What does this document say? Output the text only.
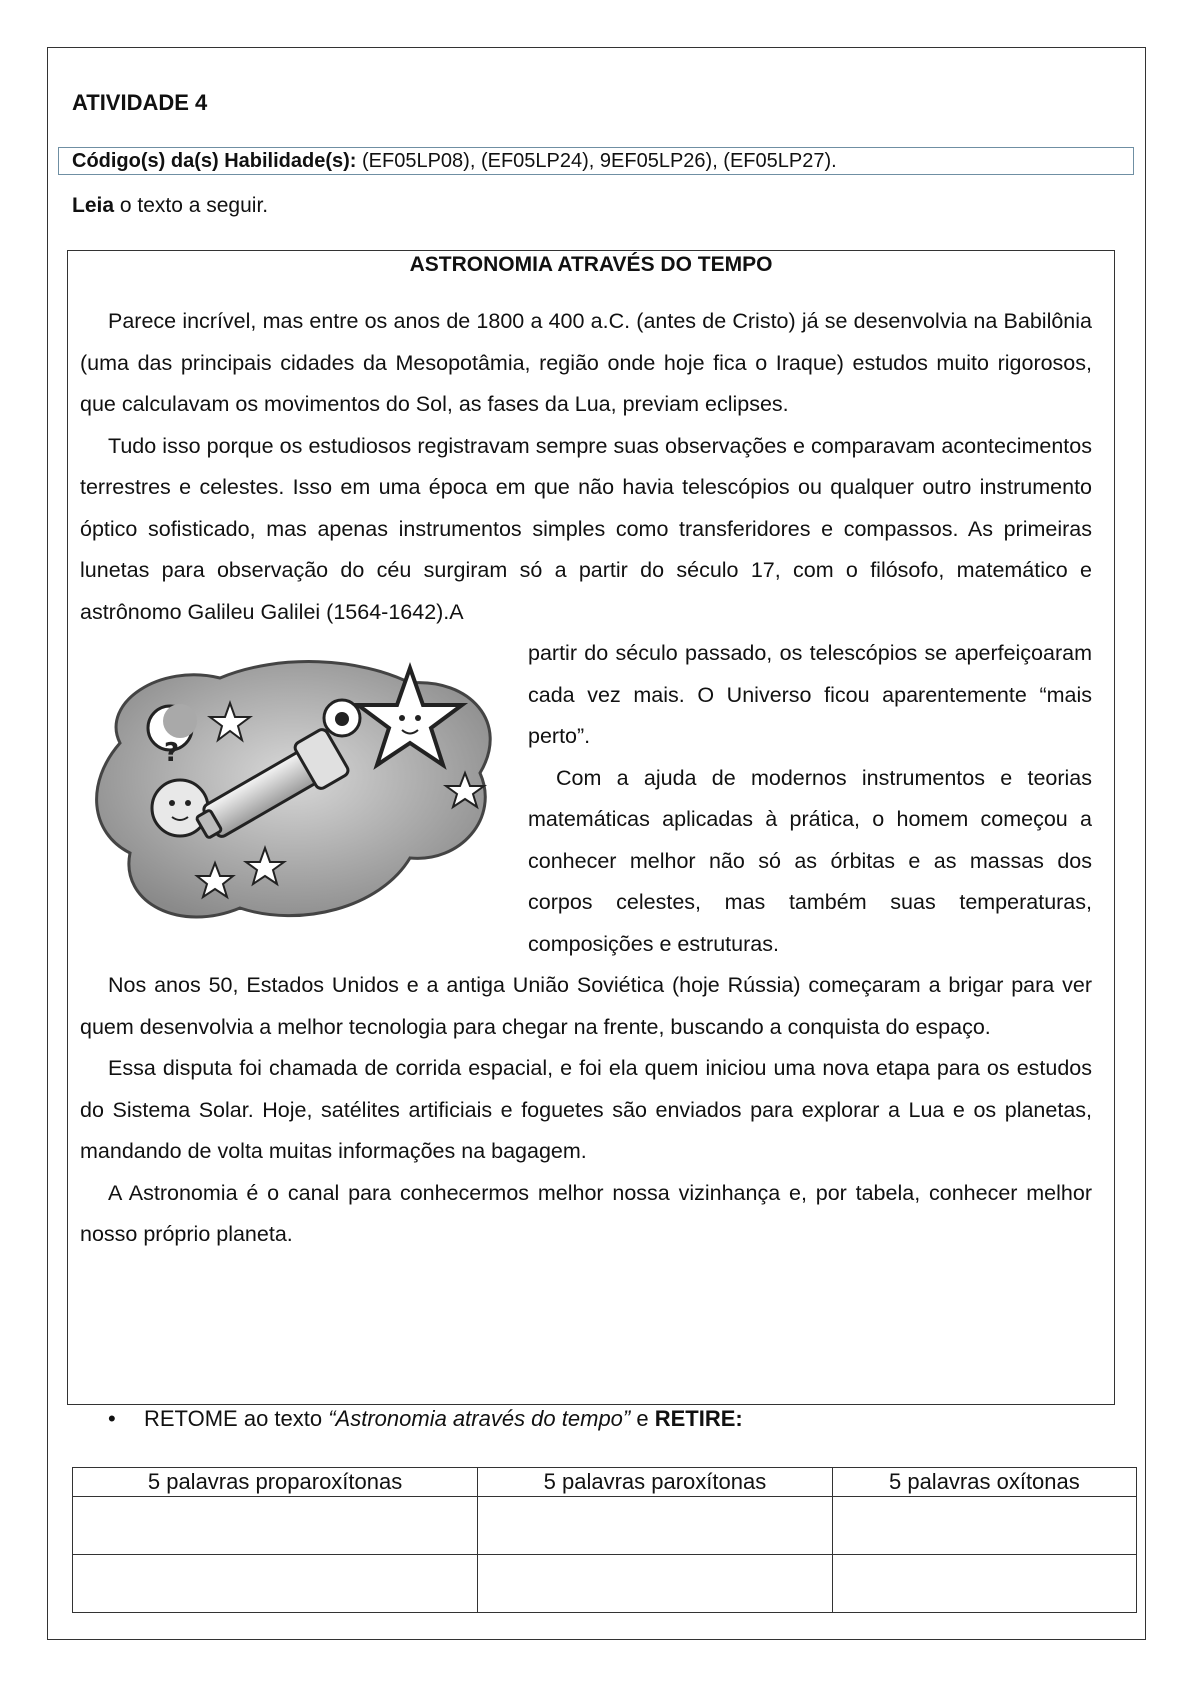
ATIVIDADE 4
Código(s) da(s) Habilidade(s): (EF05LP08), (EF05LP24), 9EF05LP26), (EF05LP27).

Leia o texto a seguir.

ASTRONOMIA ATRAVÉS DO TEMPO

Parece incrível, mas entre os anos de 1800 a 400 a.C. (antes de Cristo) já se desenvolvia na Babilônia (uma das principais cidades da Mesopotâmia, região onde hoje fica o Iraque) estudos muito rigorosos, que calculavam os movimentos do Sol, as fases da Lua, previam eclipses.

Tudo isso porque os estudiosos registravam sempre suas observações e comparavam acontecimentos terrestres e celestes. Isso em uma época em que não havia telescópios ou qualquer outro instrumento óptico sofisticado, mas apenas instrumentos simples como transferidores e compassos. As primeiras lunetas para observação do céu surgiram só a partir do século 17, com o filósofo, matemático e astrônomo Galileu Galilei (1564-1642).A

?

partir do século passado, os telescópios se aperfeiçoaram cada vez mais. O Universo ficou aparentemente “mais perto”.

Com a ajuda de modernos instrumentos e teorias matemáticas aplicadas à prática, o homem começou a conhecer melhor não só as órbitas e as massas dos corpos celestes, mas também suas temperaturas, composições e estruturas.

Nos anos 50, Estados Unidos e a antiga União Soviética (hoje Rússia) começaram a brigar para ver quem desenvolvia a melhor tecnologia para chegar na frente, buscando a conquista do espaço.

Essa disputa foi chamada de corrida espacial, e foi ela quem iniciou uma nova etapa para os estudos do Sistema Solar. Hoje, satélites artificiais e foguetes são enviados para explorar a Lua e os planetas, mandando de volta muitas informações na bagagem.

A Astronomia é o canal para conhecermos melhor nossa vizinhança e, por tabela, conhecer melhor nosso próprio planeta.

• RETOME ao texto “Astronomia através do tempo” e RETIRE:

5 palavras proparoxítonas	5 palavras paroxítonas	5 palavras oxítonas
